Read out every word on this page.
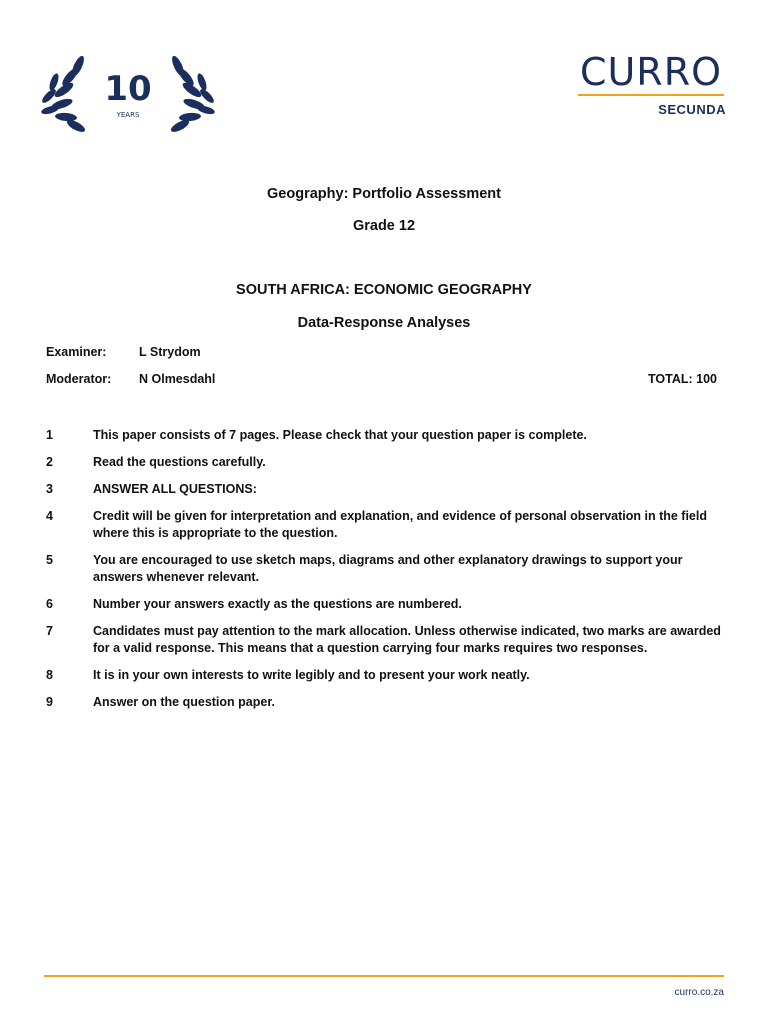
10
YEARS
CURRO
SECUNDA
Geography: Portfolio Assessment
Grade 12
SOUTH AFRICA: ECONOMIC GEOGRAPHY
Data-Response Analyses
Examiner:	L Strydom
Moderator: N Olmesdahl	TOTAL: 100
1	This paper consists of 7 pages. Please check that your question paper is complete.
2	Read the questions carefully.
3	ANSWER ALL QUESTIONS:
4	Credit will be given for interpretation and explanation, and evidence of personal observation in the field where this is appropriate to the question.
5	You are encouraged to use sketch maps, diagrams and other explanatory drawings to support your answers whenever relevant.
6	Number your answers exactly as the questions are numbered.
7	Candidates must pay attention to the mark allocation. Unless otherwise indicated, two marks are awarded for a valid response. This means that a question carrying four marks requires two responses.
8	It is in your own interests to write legibly and to present your work neatly.
9	Answer on the question paper.
curro.co.za
